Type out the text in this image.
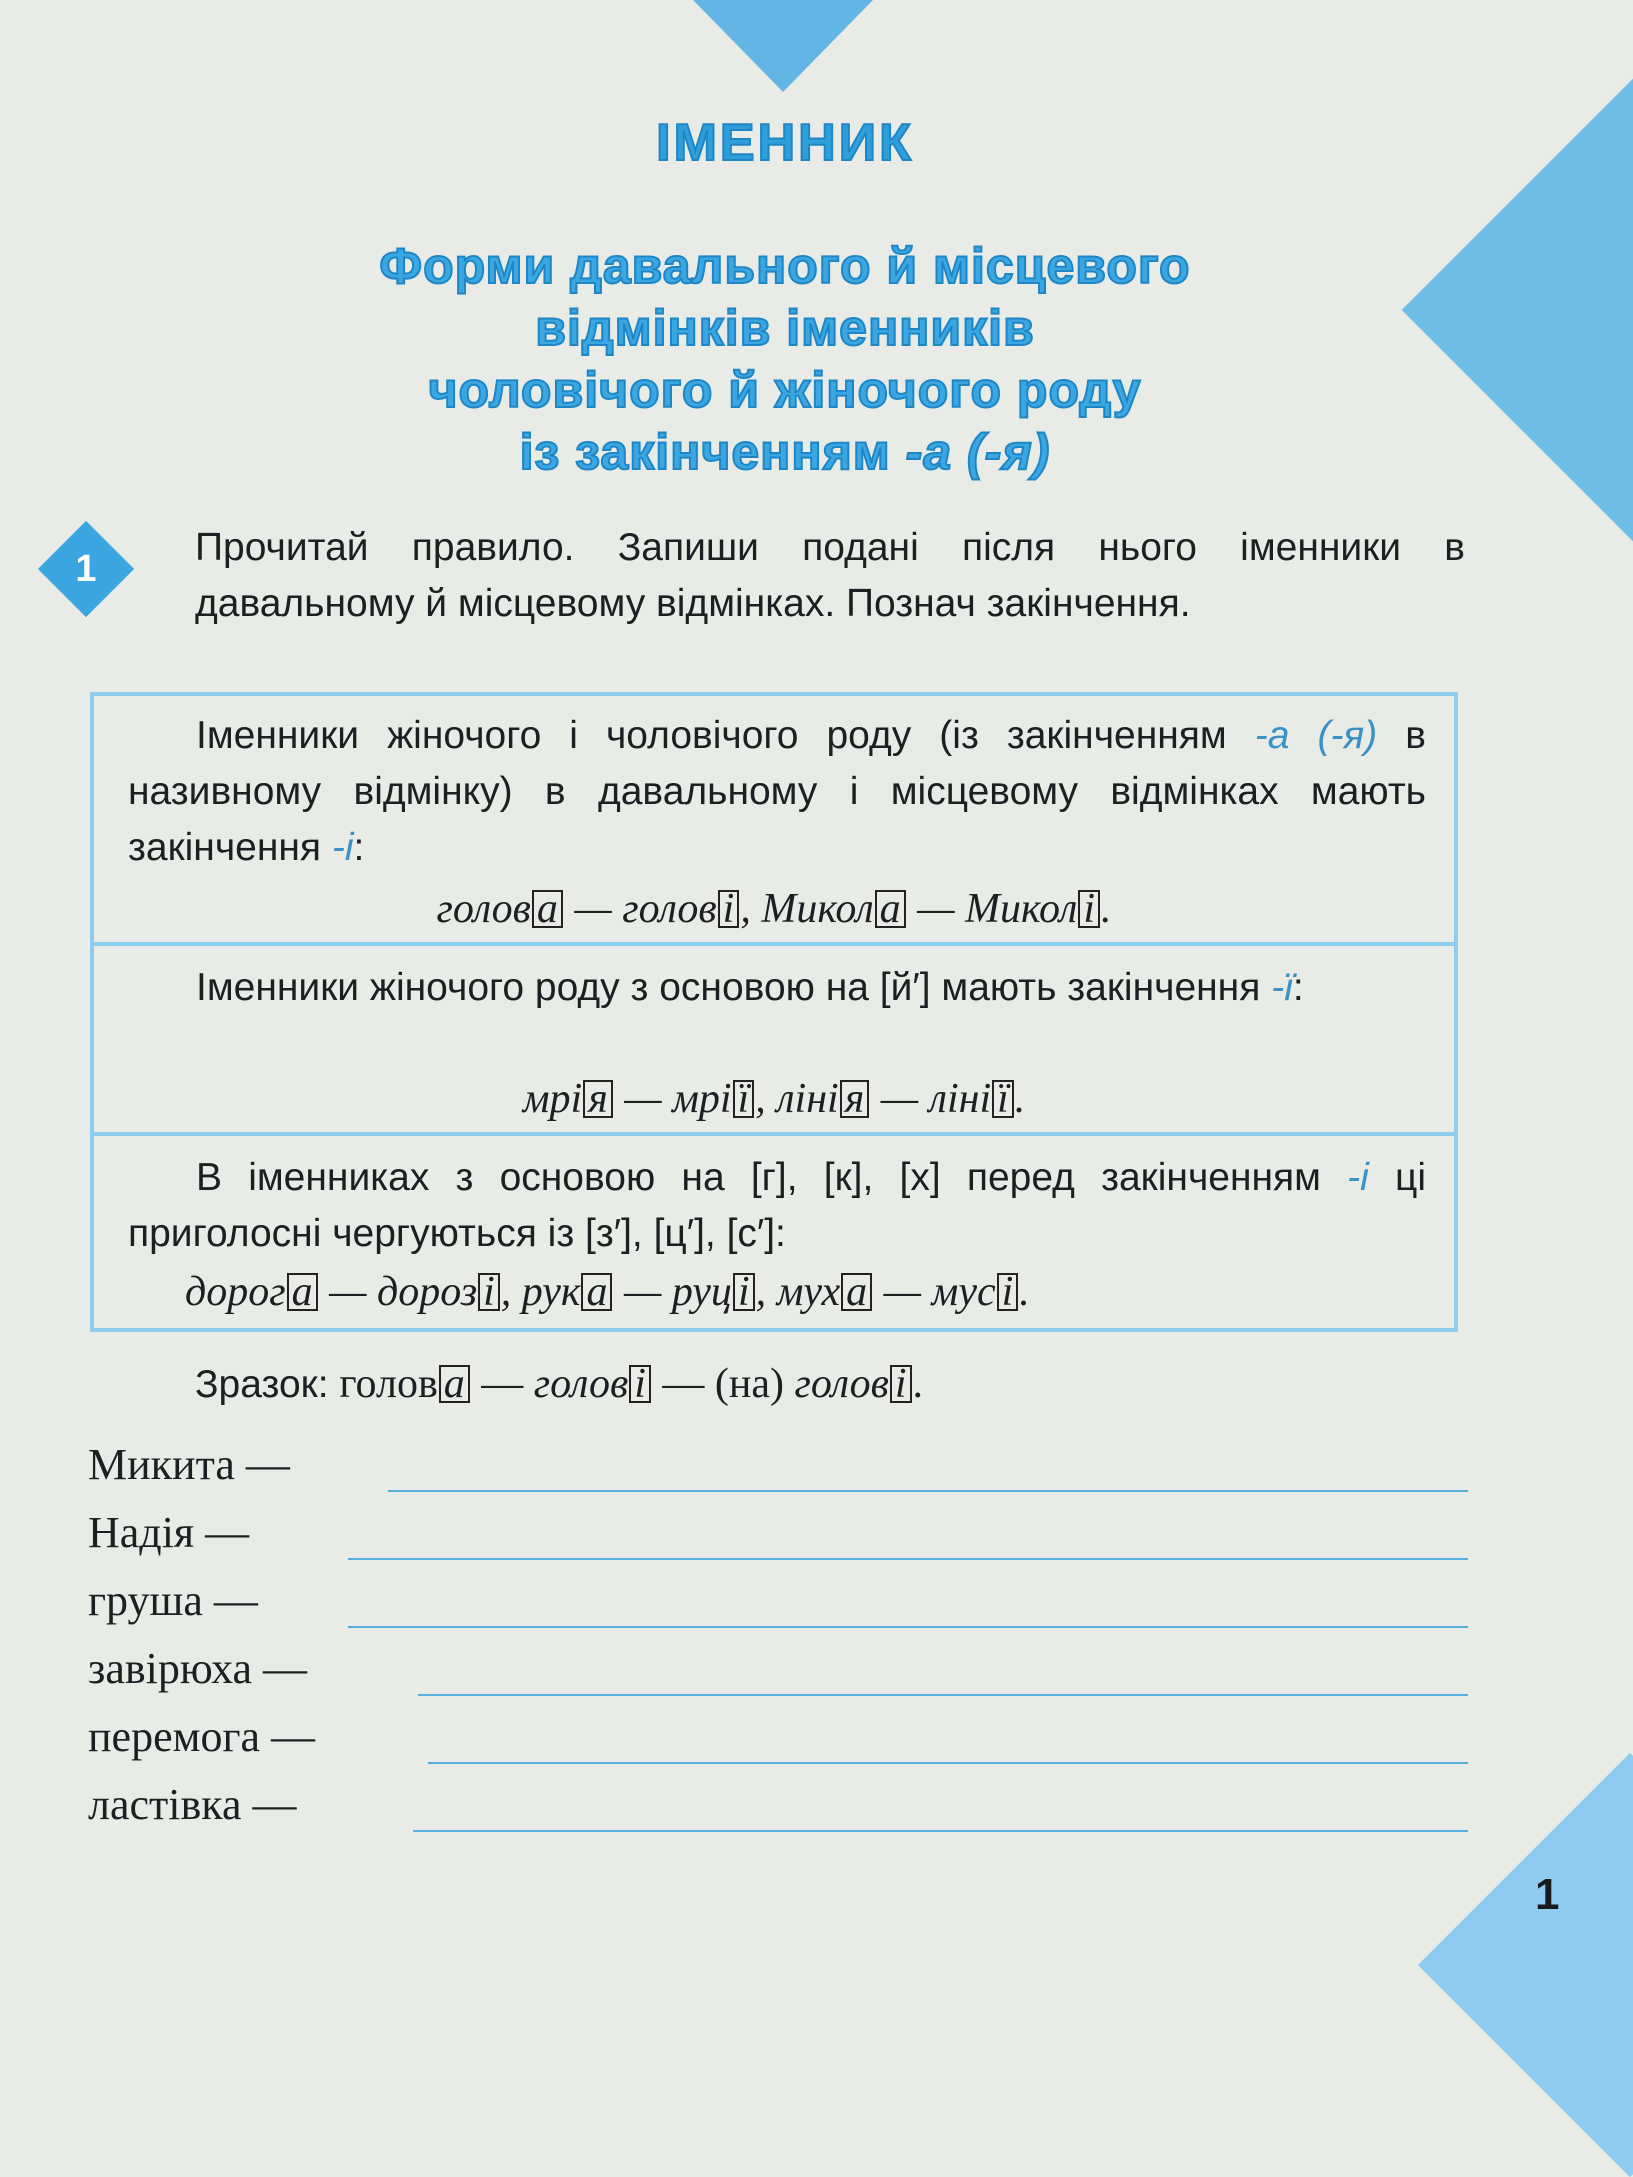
1
ІМЕННИК
Форми давального й місцевого
відмінків іменників
чоловічого й жіночого роду
із закінченням -а (-я)
1	Прочитай правило. Запиши подані після нього іменники в давальному й місцевому відмінках. Познач закінчення.
Іменники жіночого і чоловічого роду (із закінченням -а (-я) в називному відмінку) в давальному і місцевому відмінках мають закінчення -і:
голов а — голов і , Микол а — Микол і .
Іменники жіночого роду з основою на [й′] мають закінчення -ї:
мрі я — мрі ї , ліні я — ліні ї .
В іменниках з основою на [г], [к], [х] перед закінченням -і ці приголосні чергуються із [з′], [ц′], [с′]:
дорог а — дороз і , рук а — руц і , мух а — мус і .
Зразок: голов а — голов і — (на) голов і .
Микита —
Надія —
груша —
завірюха —
перемога —
ластівка —
